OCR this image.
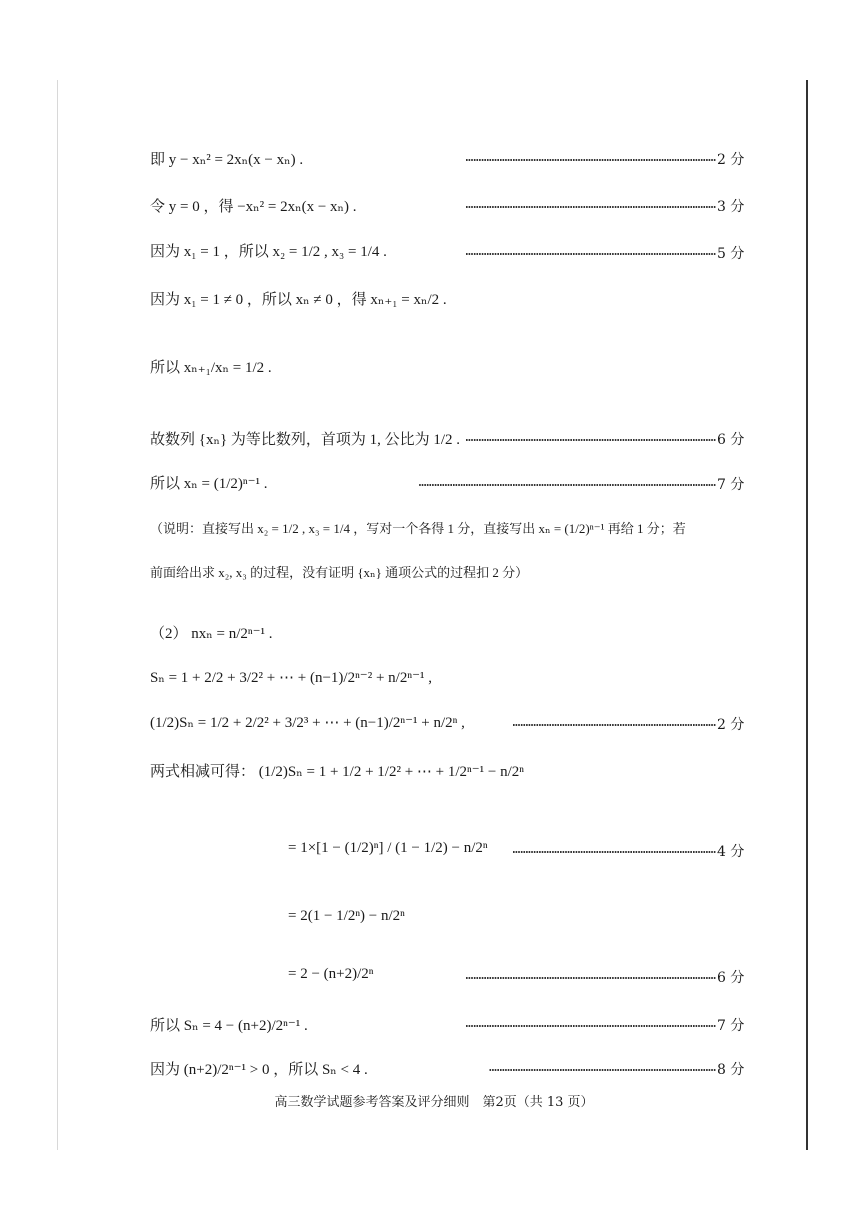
即 y − xₙ² = 2xₙ(x − xₙ) .	…………………………………………………………………………………… 2 分
令 y = 0 ，得 −xₙ² = 2xₙ(x − xₙ) .	…………………………………………………………………………………… 3 分
因为 x₁ = 1 ，所以 x₂ = 1/2 , x₃ = 1/4 .	…………………………………………………………………………………… 5 分
因为 x₁ = 1 ≠ 0 ，所以 xₙ ≠ 0 ，得 xₙ₊₁ = xₙ/2 .
所以 xₙ₊₁/xₙ = 1/2 .
故数列 {xₙ} 为等比数列，首项为 1, 公比为 1/2 . …………………………………………………………………………………… 6 分
所以 xₙ = (1/2)ⁿ⁻¹ .	…………………………………………………………………………………………………… 7 分
（说明：直接写出 x₂ = 1/2 , x₃ = 1/4 ，写对一个各得 1 分，直接写出 xₙ = (1/2)ⁿ⁻¹ 再给 1 分；若
前面给出求 x₂, x₃ 的过程，没有证明 {xₙ} 通项公式的过程扣 2 分）
（2） nxₙ = n/2ⁿ⁻¹ .
Sₙ = 1 + 2/2 + 3/2² + ⋯ + (n−1)/2ⁿ⁻² + n/2ⁿ⁻¹ ,
(1/2)Sₙ = 1/2 + 2/2² + 3/2³ + ⋯ + (n−1)/2ⁿ⁻¹ + n/2ⁿ ,	…………………………………………………………………… 2 分
两式相减可得： (1/2)Sₙ = 1 + 1/2 + 1/2² + ⋯ + 1/2ⁿ⁻¹ − n/2ⁿ
= 1×[1 − (1/2)ⁿ] / (1 − 1/2) − n/2ⁿ	…………………………………………………………………… 4 分
= 2(1 − 1/2ⁿ) − n/2ⁿ
= 2 − (n+2)/2ⁿ	…………………………………………………………………………………… 6 分
所以 Sₙ = 4 − (n+2)/2ⁿ⁻¹ .	…………………………………………………………………………………… 7 分
因为 (n+2)/2ⁿ⁻¹ > 0 ，所以 Sₙ < 4 .	…………………………………………………………………………… 8 分
高三数学试题参考答案及评分细则　第2页（共 13 页）
